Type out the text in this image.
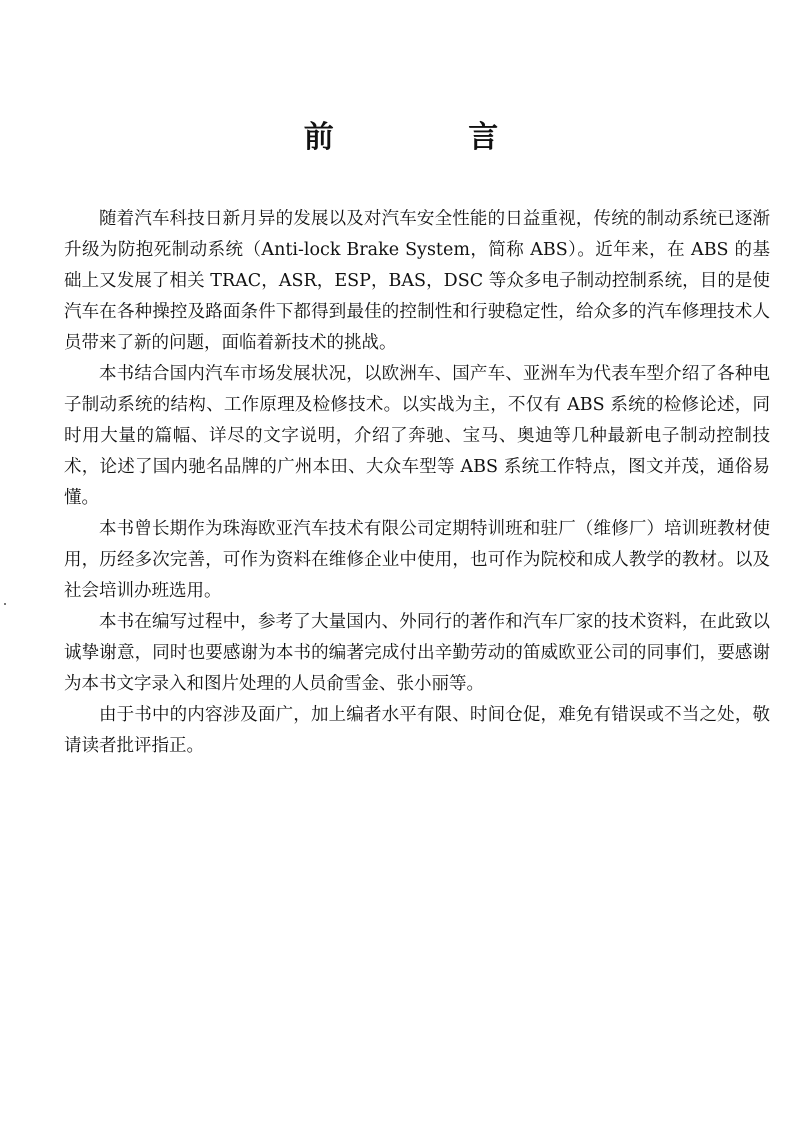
前 言

随着汽车科技日新月异的发展以及对汽车安全性能的日益重视，传统的制动系统已逐渐升级为防抱死制动系统（Anti-lock Brake System，简称 ABS）。近年来，在 ABS 的基础上又发展了相关 TRAC，ASR，ESP，BAS，DSC 等众多电子制动控制系统，目的是使汽车在各种操控及路面条件下都得到最佳的控制性和行驶稳定性，给众多的汽车修理技术人员带来了新的问题，面临着新技术的挑战。

本书结合国内汽车市场发展状况，以欧洲车、国产车、亚洲车为代表车型介绍了各种电子制动系统的结构、工作原理及检修技术。以实战为主，不仅有 ABS 系统的检修论述，同时用大量的篇幅、详尽的文字说明，介绍了奔驰、宝马、奥迪等几种最新电子制动控制技术，论述了国内驰名品牌的广州本田、大众车型等 ABS 系统工作特点，图文并茂，通俗易懂。

本书曾长期作为珠海欧亚汽车技术有限公司定期特训班和驻厂（维修厂）培训班教材使用，历经多次完善，可作为资料在维修企业中使用，也可作为院校和成人教学的教材。以及社会培训办班选用。

本书在编写过程中，参考了大量国内、外同行的著作和汽车厂家的技术资料，在此致以诚挚谢意，同时也要感谢为本书的编著完成付出辛勤劳动的笛威欧亚公司的同事们，要感谢为本书文字录入和图片处理的人员俞雪金、张小丽等。

由于书中的内容涉及面广，加上编者水平有限、时间仓促，难免有错误或不当之处，敬请读者批评指正。
